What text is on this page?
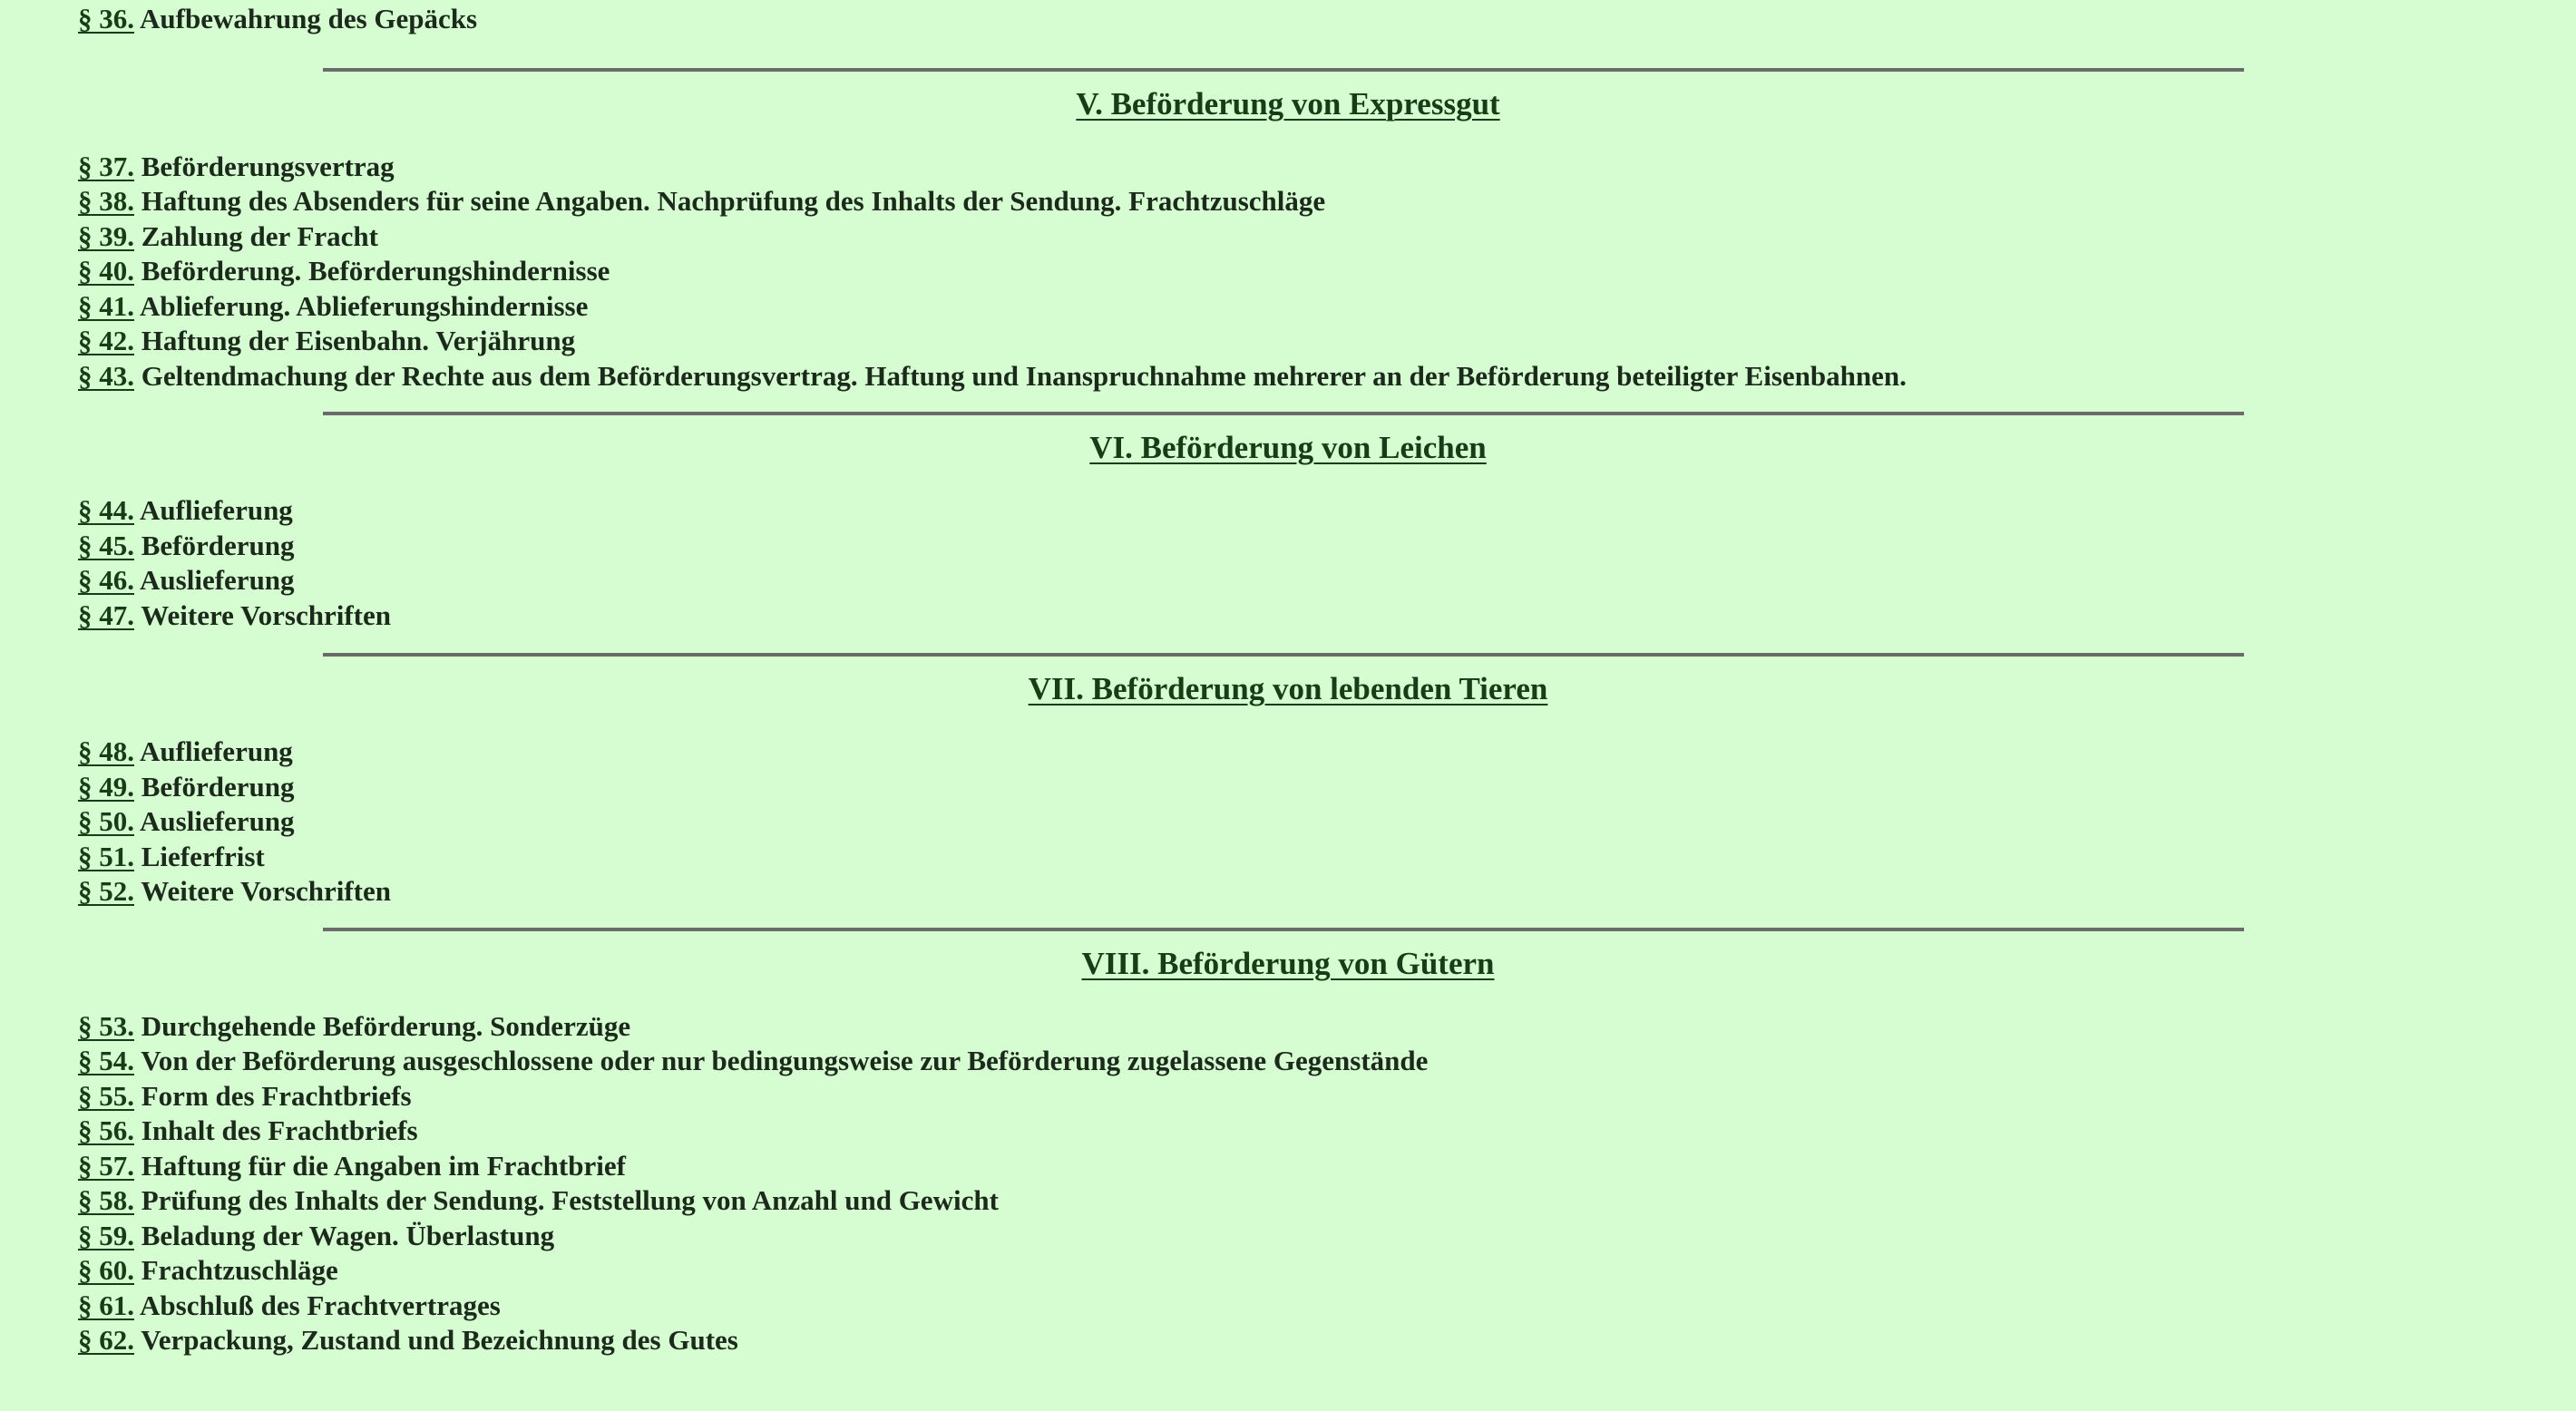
§ 36. Aufbewahrung des Gepäcks
V. Beförderung von Expressgut
§ 37. Beförderungsvertrag
§ 38. Haftung des Absenders für seine Angaben. Nachprüfung des Inhalts der Sendung. Frachtzuschläge
§ 39. Zahlung der Fracht
§ 40. Beförderung. Beförderungshindernisse
§ 41. Ablieferung. Ablieferungshindernisse
§ 42. Haftung der Eisenbahn. Verjährung
§ 43. Geltendmachung der Rechte aus dem Beförderungsvertrag. Haftung und Inanspruchnahme mehrerer an der Beförderung beteiligter Eisenbahnen.
VI. Beförderung von Leichen
§ 44. Auflieferung
§ 45. Beförderung
§ 46. Auslieferung
§ 47. Weitere Vorschriften
VII. Beförderung von lebenden Tieren
§ 48. Auflieferung
§ 49. Beförderung
§ 50. Auslieferung
§ 51. Lieferfrist
§ 52. Weitere Vorschriften
VIII. Beförderung von Gütern
§ 53. Durchgehende Beförderung. Sonderzüge
§ 54. Von der Beförderung ausgeschlossene oder nur bedingungsweise zur Beförderung zugelassene Gegenstände
§ 55. Form des Frachtbriefs
§ 56. Inhalt des Frachtbriefs
§ 57. Haftung für die Angaben im Frachtbrief
§ 58. Prüfung des Inhalts der Sendung. Feststellung von Anzahl und Gewicht
§ 59. Beladung der Wagen. Überlastung
§ 60. Frachtzuschläge
§ 61. Abschluß des Frachtvertrages
§ 62. Verpackung, Zustand und Bezeichnung des Gutes
